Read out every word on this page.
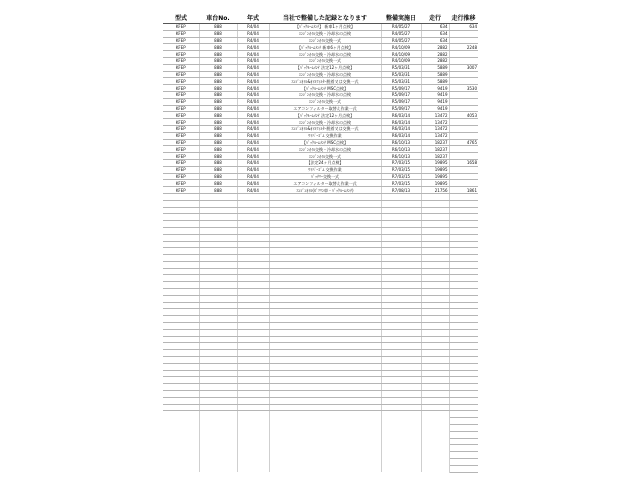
型式	車台No.	年式	当社で整備した記録となります	整備実施日	走行	走行推移
KFEP	888	R4/04	【ﾊﾞｯｸﾙｰﾑﾒﾝﾃ】 新車1ヶ月点検】	R4/05/27	634	634
KFEP	888	R4/04	ｴﾝｼﾞﾝｵｲﾙ交換・冷却水の点検	R4/05/27	634	
KFEP	888	R4/04	ｴﾝｼﾞﾝｵｲﾙ交換一式	R4/05/27	634	
KFEP	888	R4/04	【ﾊﾞｯｸﾙｰﾑﾒﾝﾃ 新車6ヶ月点検】	R4/10/09	2882	2248
KFEP	888	R4/04	ｴﾝｼﾞﾝｵｲﾙ交換・冷却水の点検	R4/10/09	2882	
KFEP	888	R4/04	ｴﾝｼﾞﾝｵｲﾙ交換一式	R4/10/09	2882	
KFEP	888	R4/04	【ﾊﾞｯｸﾙｰﾑﾒﾝﾃ 法定12ヶ月点検】	R5/03/31	5889	3007
KFEP	888	R4/04	ｴﾝｼﾞﾝｵｲﾙ交換・冷却水の点検	R5/03/31	5889	
KFEP	888	R4/04	ｴﾝｼﾞﾝｵｲﾙ&ｵｲﾙﾌｨﾙﾀｰ脱着又は交換一式	R5/03/31	5889	
KFEP	888	R4/04	【ﾊﾞｯｸﾙｰﾑﾒﾝﾃ MSC点検】	R5/09/17	9419	3530
KFEP	888	R4/04	ｴﾝｼﾞﾝｵｲﾙ交換・冷却水の点検	R5/09/17	9419	
KFEP	888	R4/04	ｴﾝｼﾞﾝｵｲﾙ交換一式	R5/09/17	9419	
KFEP	888	R4/04	エアコンフィルター取替え作業一式	R5/09/17	9419	
KFEP	888	R4/04	【ﾊﾞｯｸﾙｰﾑﾒﾝﾃ 法定12ヶ月点検】	R6/03/14	13472	4053
KFEP	888	R4/04	ｴﾝｼﾞﾝｵｲﾙ交換・冷却水の点検	R6/03/14	13472	
KFEP	888	R4/04	ｴﾝｼﾞﾝｵｲﾙ&ｵｲﾙﾌｨﾙﾀｰ脱着又は交換一式	R6/03/14	13472	
KFEP	888	R4/04	ﾜｲﾊﾟｰｺﾞﾑ 交換作業	R6/03/14	13472	
KFEP	888	R4/04	【ﾊﾞｯｸﾙｰﾑﾒﾝﾃ MSC点検】	R6/10/13	18237	4765
KFEP	888	R4/04	ｴﾝｼﾞﾝｵｲﾙ交換・冷却水の点検	R6/10/13	18237	
KFEP	888	R4/04	ｴﾝｼﾞﾝｵｲﾙ交換一式	R6/10/13	18237	
KFEP	888	R4/04	【法定24ヶ月点検】	R7/03/15	19895	1658
KFEP	888	R4/04	ﾜｲﾊﾟｰｺﾞﾑ 交換作業	R7/03/15	19895	
KFEP	888	R4/04	ﾊﾞｯﾃﾘｰ交換一式	R7/03/15	19895	
KFEP	888	R4/04	エアコンフィルター取替え作業一式	R7/03/15	19895	
KFEP	888	R4/04	ｴﾝｼﾞﾝｵｲﾙ(ｶﾞｿﾘﾝ車・ﾊﾞｯｸﾙｰﾑﾒﾝﾃ)	R7/08/13	21756	1861
